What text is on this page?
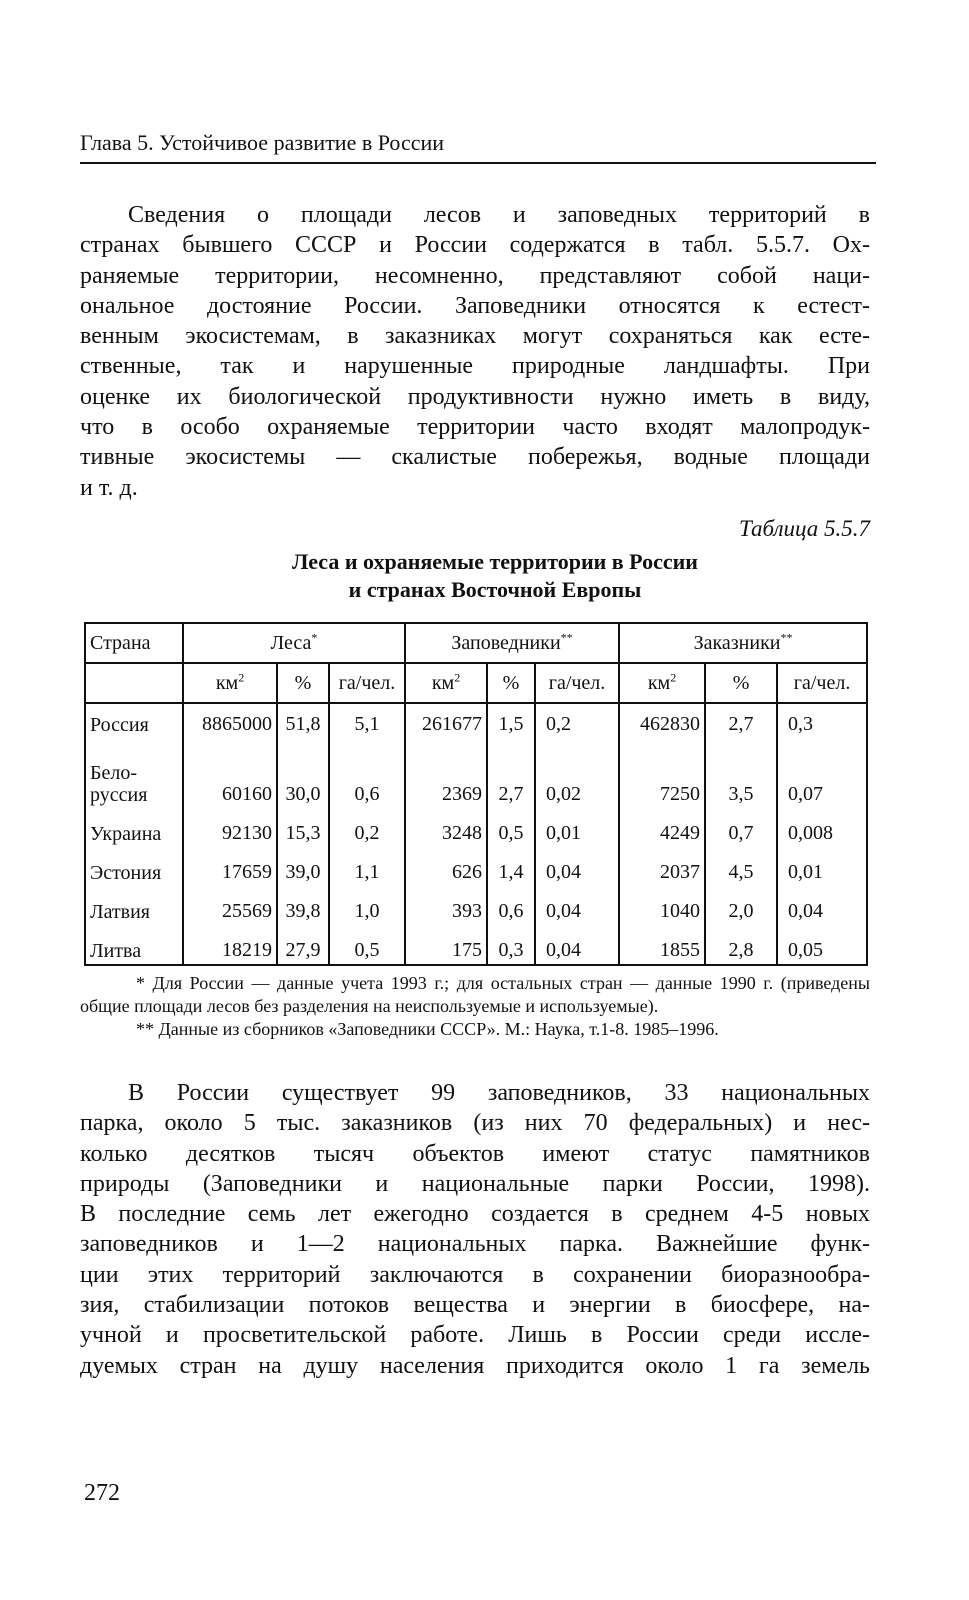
Глава 5. Устойчивое развитие в России
Сведения о площади лесов и заповедных территорий в
странах бывшего СССР и России содержатся в табл. 5.5.7. Ох-
раняемые территории, несомненно, представляют собой наци-
ональное достояние России. Заповедники относятся к естест-
венным экосистемам, в заказниках могут сохраняться как есте-
ственные, так и нарушенные природные ландшафты. При
оценке их биологической продуктивности нужно иметь в виду,
что в особо охраняемые территории часто входят малопродук-
тивные экосистемы — скалистые побережья, водные площади
и т. д.
Таблица 5.5.7
Леса и охраняемые территории в России
и странах Восточной Европы
Страна	Леса*			Заповедники**			Заказники**
	$км^2$	%	га/чел.	$км^2$	%	га/чел.	$км^2$	%	га/чел.
Россия	8865000	51,8	5,1	261677	1,5	0,2	462830	2,7	0,3
Бело-
руссия	60160	30,0	0,6	2369	2,7	0,02	7250	3,5	0,07
Украина	92130	15,3	0,2	3248	0,5	0,01	4249	0,7	0,008
Эстония	17659	39,0	1,1	626	1,4	0,04	2037	4,5	0,01
Латвия	25569	39,8	1,0	393	0,6	0,04	1040	2,0	0,04
Литва	18219	27,9	0,5	175	0,3	0,04	1855	2,8	0,05

* Для России — данные учета 1993 г.; для остальных стран — данные 1990 г. (приведены общие площади лесов без разделения на неиспользуемые и используемые).

** Данные из сборников «Заповедники СССР». М.: Наука, т.1-8. 1985–1996.

В России существует 99 заповедников, 33 национальных
парка, около 5 тыс. заказников (из них 70 федеральных) и нес-
колько десятков тысяч объектов имеют статус памятников
природы (Заповедники и национальные парки России, 1998).
В последние семь лет ежегодно создается в среднем 4-5 новых
заповедников и 1—2 национальных парка. Важнейшие функ-
ции этих территорий заключаются в сохранении биоразнообра-
зия, стабилизации потоков вещества и энергии в биосфере, на-
учной и просветительской работе. Лишь в России среди иссле-
дуемых стран на душу населения приходится около 1 га земель
272
